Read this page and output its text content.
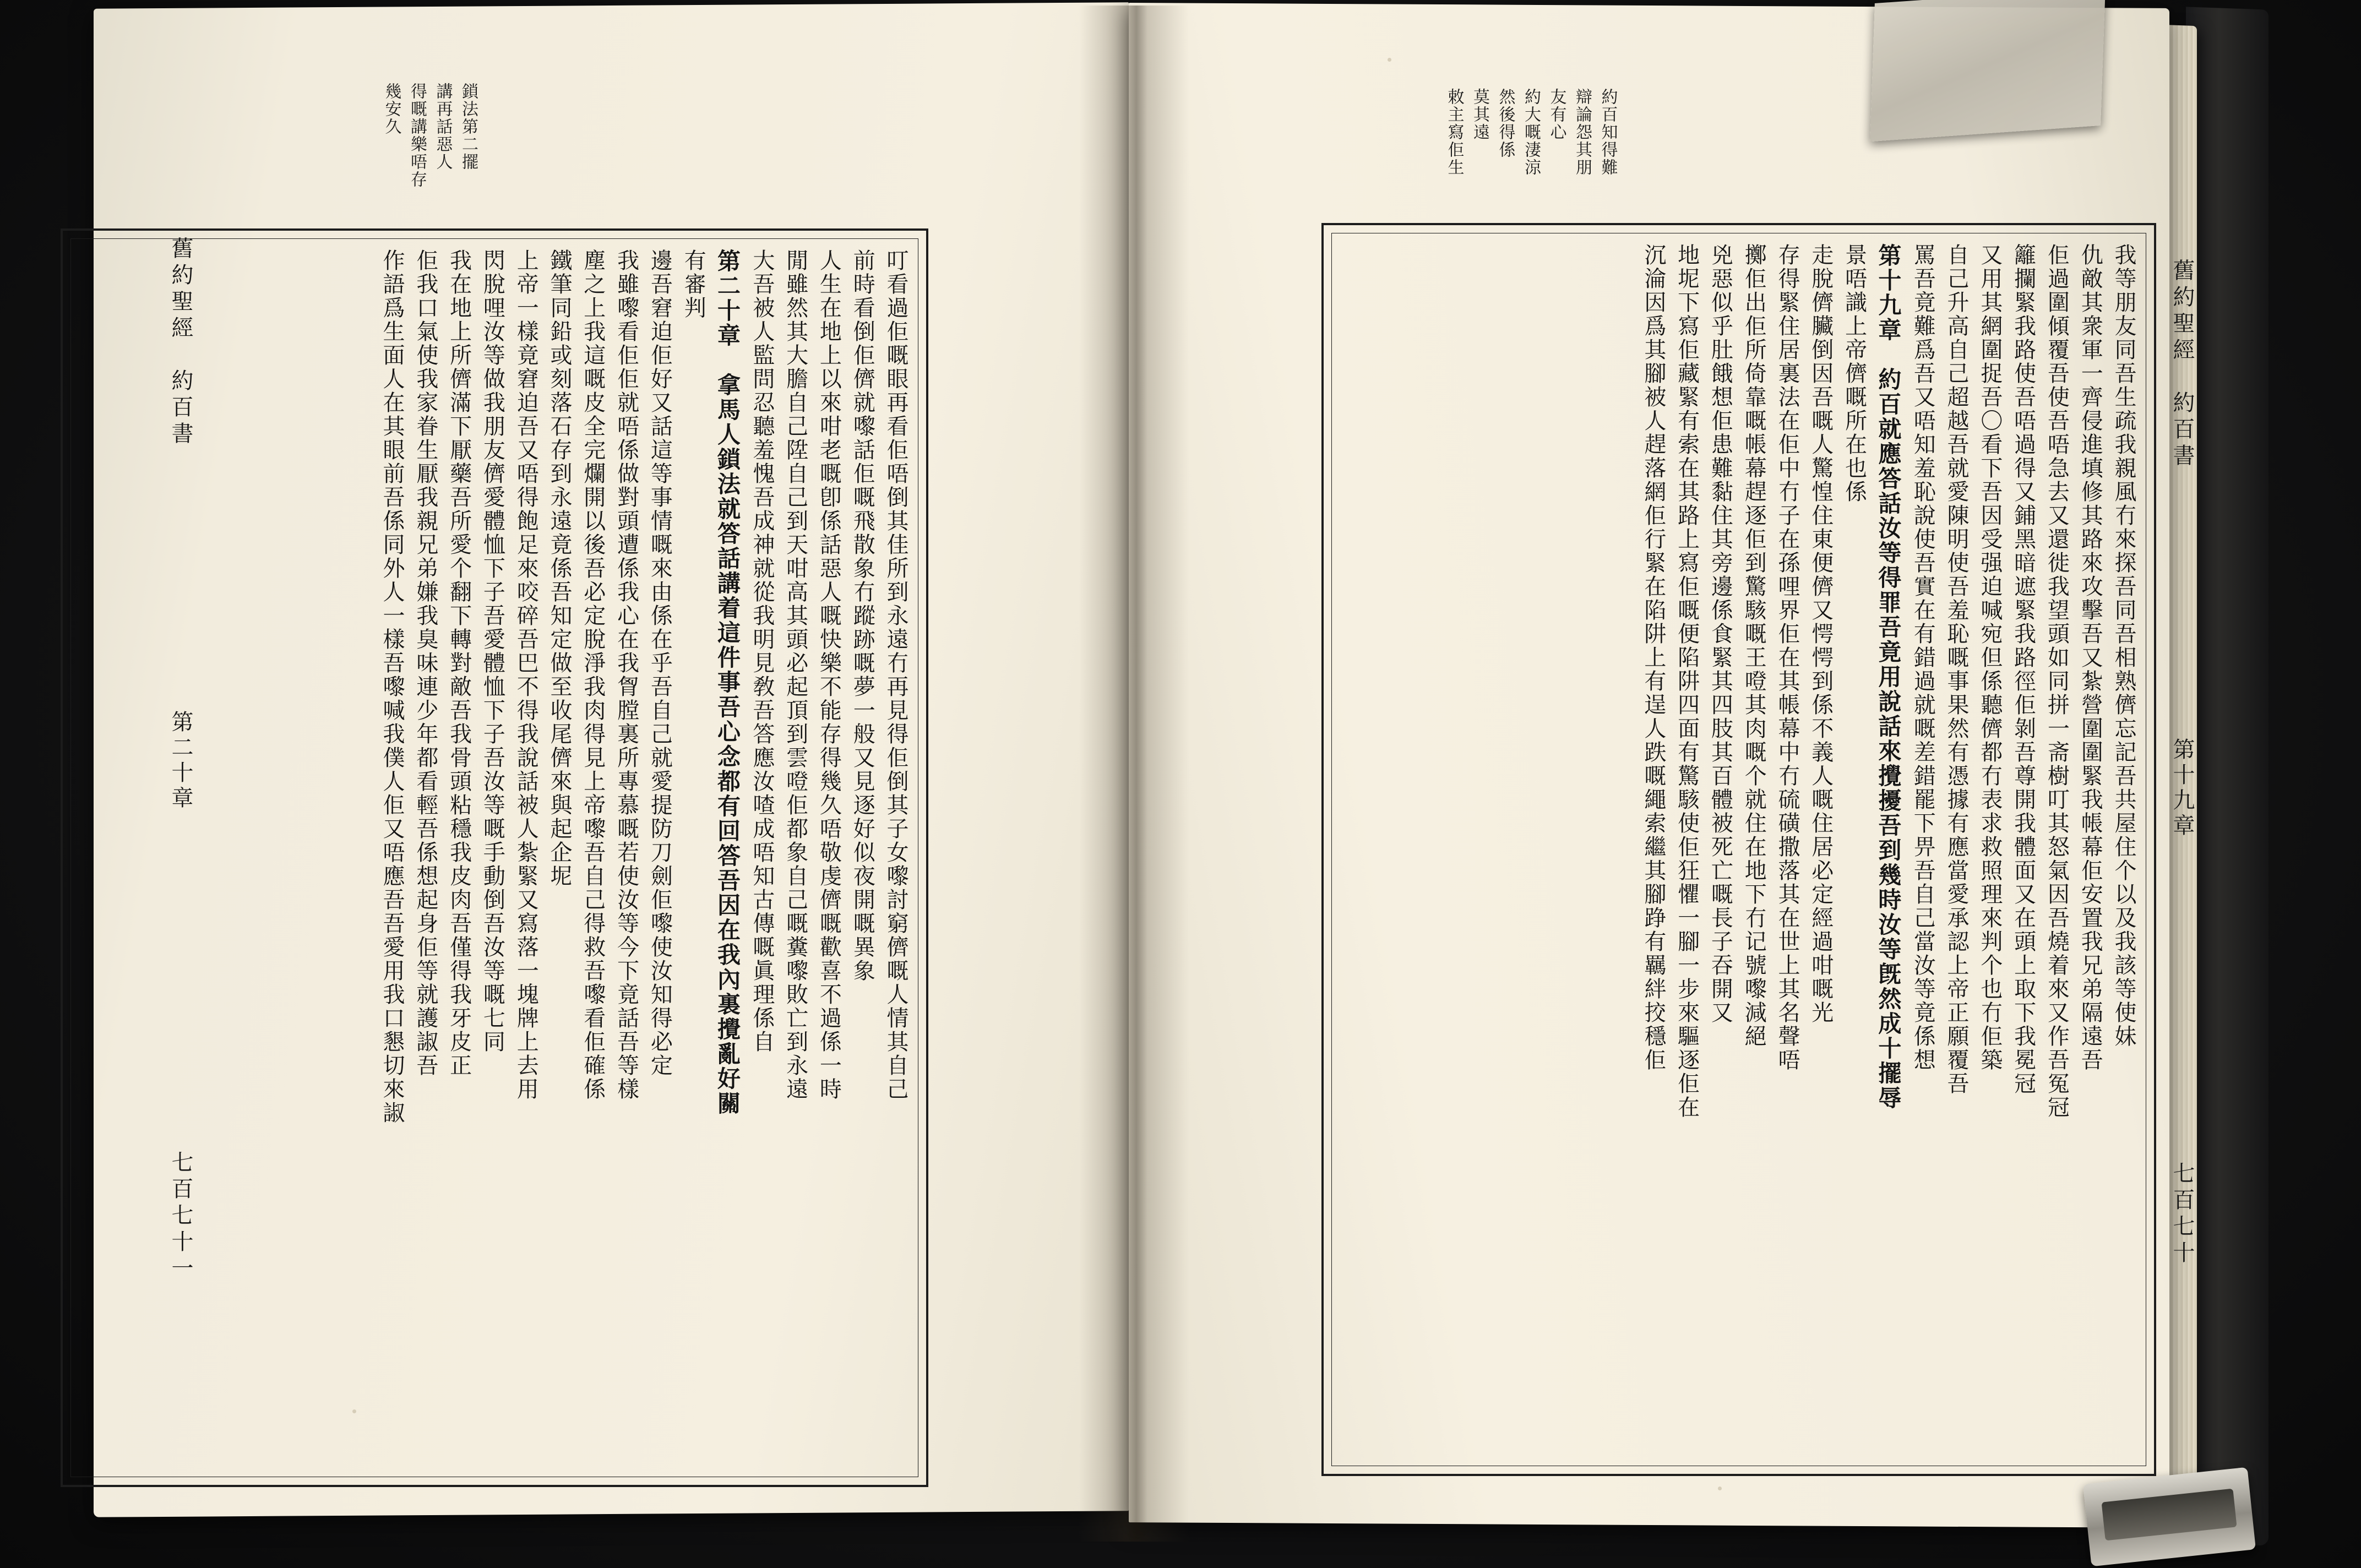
鎖法第二擺
講再話惡人
得嘅講樂唔存
幾安久	約百知得難
辯論怨其朋
友有心
約大嘅淒涼
然後得係
莫其遠
敕主寫佢生
舊約聖經　約百書
第二十章
七百七十一
舊約聖經　約百書
第十九章
七百七十
叮看過佢嘅眼再看佢唔倒其佳所到永遠冇再見得佢倒其子女嚟討窮儕嘅人情其自己
前時看倒佢儕就嚟話佢嘅飛散象冇蹤跡嘅夢一般又見逐好似夜開嘅異象
人生在地上以來咁老嘅卽係話惡人嘅快樂不能存得幾久唔敬虔儕嘅歡喜不過係一時
閒雖然其大膽自己陞自己到天咁高其頭必起頂到雲噔佢都象自己嘅糞嚟敗亡到永遠
大吾被人監問忍聽羞愧吾成神就從我明見敎吾答應汝喳成唔知古傳嘅眞理係自
第二十章　拿馬人鎖法就答話講着這件事吾心念都有回答吾因在我內裏攪亂好關
有審判
邊吾窘迫佢好又話這等事情嘅來由係在乎吾自己就愛提防刀劍佢嚟使汝知得必定
我雖嚟看佢佢就唔係做對頭遭係我心在我胷膛裏所專慕嘅若使汝等今下竟話吾等樣
塵之上我這嘅皮全完爛開以後吾必定脫淨我肉得見上帝嚟吾自己得救吾嚟看佢確係
鐵筆同鉛或刻落石存到永遠竟係吾知定做至收尾儕來與起企坭
上帝一樣竟窘迫吾又唔得飽足來咬碎吾巴不得我說話被人紮緊又寫落一塊牌上去用
閃脫哩汝等做我朋友儕愛體恤下子吾愛體恤下子吾汝等嘅手動倒吾汝等嘅七同
我在地上所儕滿下厭藥吾所愛个翻下轉對敵吾我骨頭粘穩我皮肉吾僅得我牙皮正
佢我口氣使我家眷生厭我親兄弟嫌我臭味連少年都看輕吾係想起身佢等就護諔吾
作語爲生面人在其眼前吾係同外人一樣吾嚟喊我僕人佢又唔應吾吾愛用我口懇切來諔	我等朋友同吾生疏我親風冇來探吾同吾相熟儕忘記吾共屋住个以及我該等使妹
仇敵其衆軍一齊侵進填修其路來攻擊吾又紮營圍圍緊我帳幕佢安置我兄弟隔遠吾
佢過圍傾覆吾使吾唔急去又還徙我望頭如同拼一斋樹叮其怒氣因吾燒着來又作吾冤冠
籬攔緊我路使吾唔過得又鋪黑暗遮緊我路徑佢剝吾尊開我體面又在頭上取下我冕冠
又用其網圍捉吾〇看下吾因受强迫喊宛但係聽儕都冇表求救照理來判个也冇佢築
自己升高自己超越吾就愛陳明使吾羞恥嘅事果然有憑據有應當愛承認上帝正願覆吾
罵吾竟難爲吾又唔知羞恥說使吾實在有錯過就嘅差錯罷下畀吾自己當汝等竟係想
第十九章　約百就應答話汝等得罪吾竟用說話來攪擾吾到幾時汝等旣然成十擺辱
景唔識上帝儕嘅所在也係
走脫儕臟倒因吾嘅人驚惶住東便儕又愕愕到係不義人嘅住居必定經過咁嘅光
存得緊住居裏法在佢中冇子在孫哩界佢在其帳幕中冇硫磺撒落其在世上其名聲唔
擲佢出佢所倚靠嘅帳幕趕逐佢到驚駭嘅王噔其肉嘅个就住在地下冇记號嚟減絕
兇惡似乎肚餓想佢患難黏住其旁邊係食緊其四肢其百體被死亡嘅長子吞開又
地坭下寫佢藏緊有索在其路上寫佢嘅便陷阱四面有驚駭使佢狂懼一腳一步來驅逐佢在
沉淪因爲其腳被人趕落網佢行緊在陷阱上有逞人跌嘅繩索繼其腳踭有羈絆挍穩佢
